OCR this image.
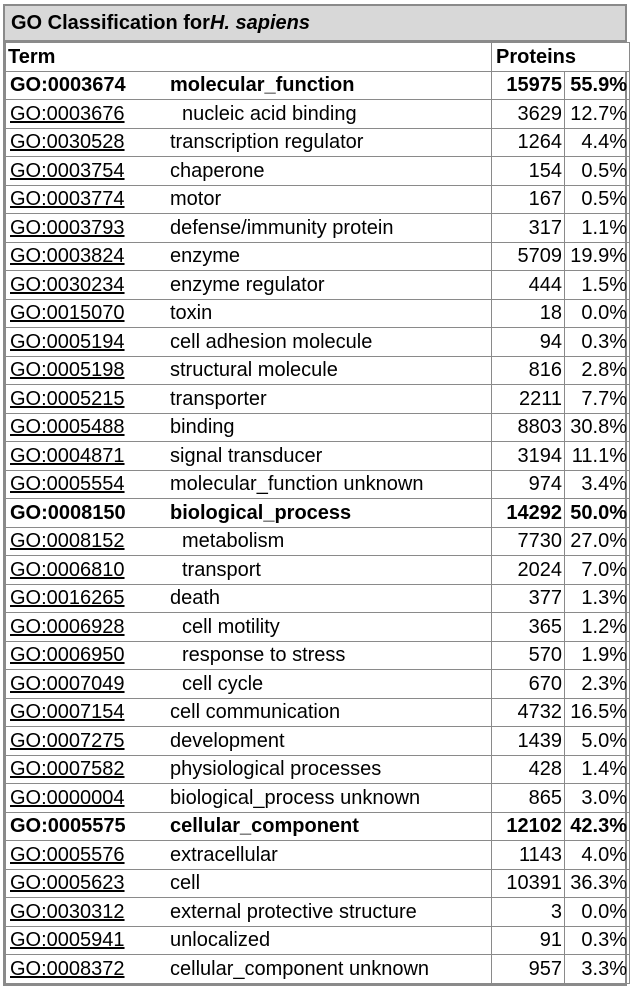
GO Classification for H. sapiens
Term	Proteins	
GO:0003674 molecular_function	15975	55.9%
GO:0003676 nucleic acid binding	3629	12.7%
GO:0030528 transcription regulator	1264	4.4%
GO:0003754 chaperone	154	0.5%
GO:0003774 motor	167	0.5%
GO:0003793 defense/immunity protein	317	1.1%
GO:0003824 enzyme	5709	19.9%
GO:0030234 enzyme regulator	444	1.5%
GO:0015070 toxin	18	0.0%
GO:0005194 cell adhesion molecule	94	0.3%
GO:0005198 structural molecule	816	2.8%
GO:0005215 transporter	2211	7.7%
GO:0005488 binding	8803	30.8%
GO:0004871 signal transducer	3194	11.1%
GO:0005554 molecular_function unknown	974	3.4%
GO:0008150 biological_process	14292	50.0%
GO:0008152 metabolism	7730	27.0%
GO:0006810 transport	2024	7.0%
GO:0016265 death	377	1.3%
GO:0006928 cell motility	365	1.2%
GO:0006950 response to stress	570	1.9%
GO:0007049 cell cycle	670	2.3%
GO:0007154 cell communication	4732	16.5%
GO:0007275 development	1439	5.0%
GO:0007582 physiological processes	428	1.4%
GO:0000004 biological_process unknown	865	3.0%
GO:0005575 cellular_component	12102	42.3%
GO:0005576 extracellular	1143	4.0%
GO:0005623 cell	10391	36.3%
GO:0030312 external protective structure	3	0.0%
GO:0005941 unlocalized	91	0.3%
GO:0008372 cellular_component unknown	957	3.3%
